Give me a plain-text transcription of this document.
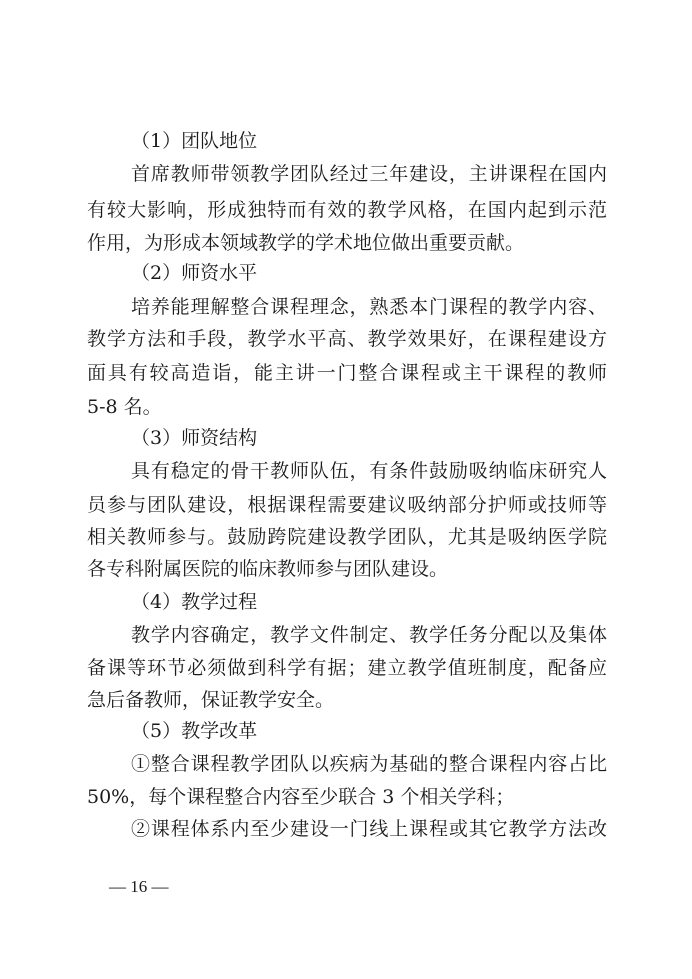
（1）团队地位
首席教师带领教学团队经过三年建设，主讲课程在国内
有较大影响，形成独特而有效的教学风格，在国内起到示范
作用，为形成本领域教学的学术地位做出重要贡献。
（2）师资水平
培养能理解整合课程理念，熟悉本门课程的教学内容、
教学方法和手段，教学水平高、教学效果好，在课程建设方
面具有较高造诣，能主讲一门整合课程或主干课程的教师
5-8 名。
（3）师资结构
具有稳定的骨干教师队伍，有条件鼓励吸纳临床研究人
员参与团队建设，根据课程需要建议吸纳部分护师或技师等
相关教师参与。鼓励跨院建设教学团队，尤其是吸纳医学院
各专科附属医院的临床教师参与团队建设。
（4）教学过程
教学内容确定，教学文件制定、教学任务分配以及集体
备课等环节必须做到科学有据；建立教学值班制度，配备应
急后备教师，保证教学安全。
（5）教学改革
①整合课程教学团队以疾病为基础的整合课程内容占比
50%，每个课程整合内容至少联合 3 个相关学科；
②课程体系内至少建设一门线上课程或其它教学方法改
— 16 —
